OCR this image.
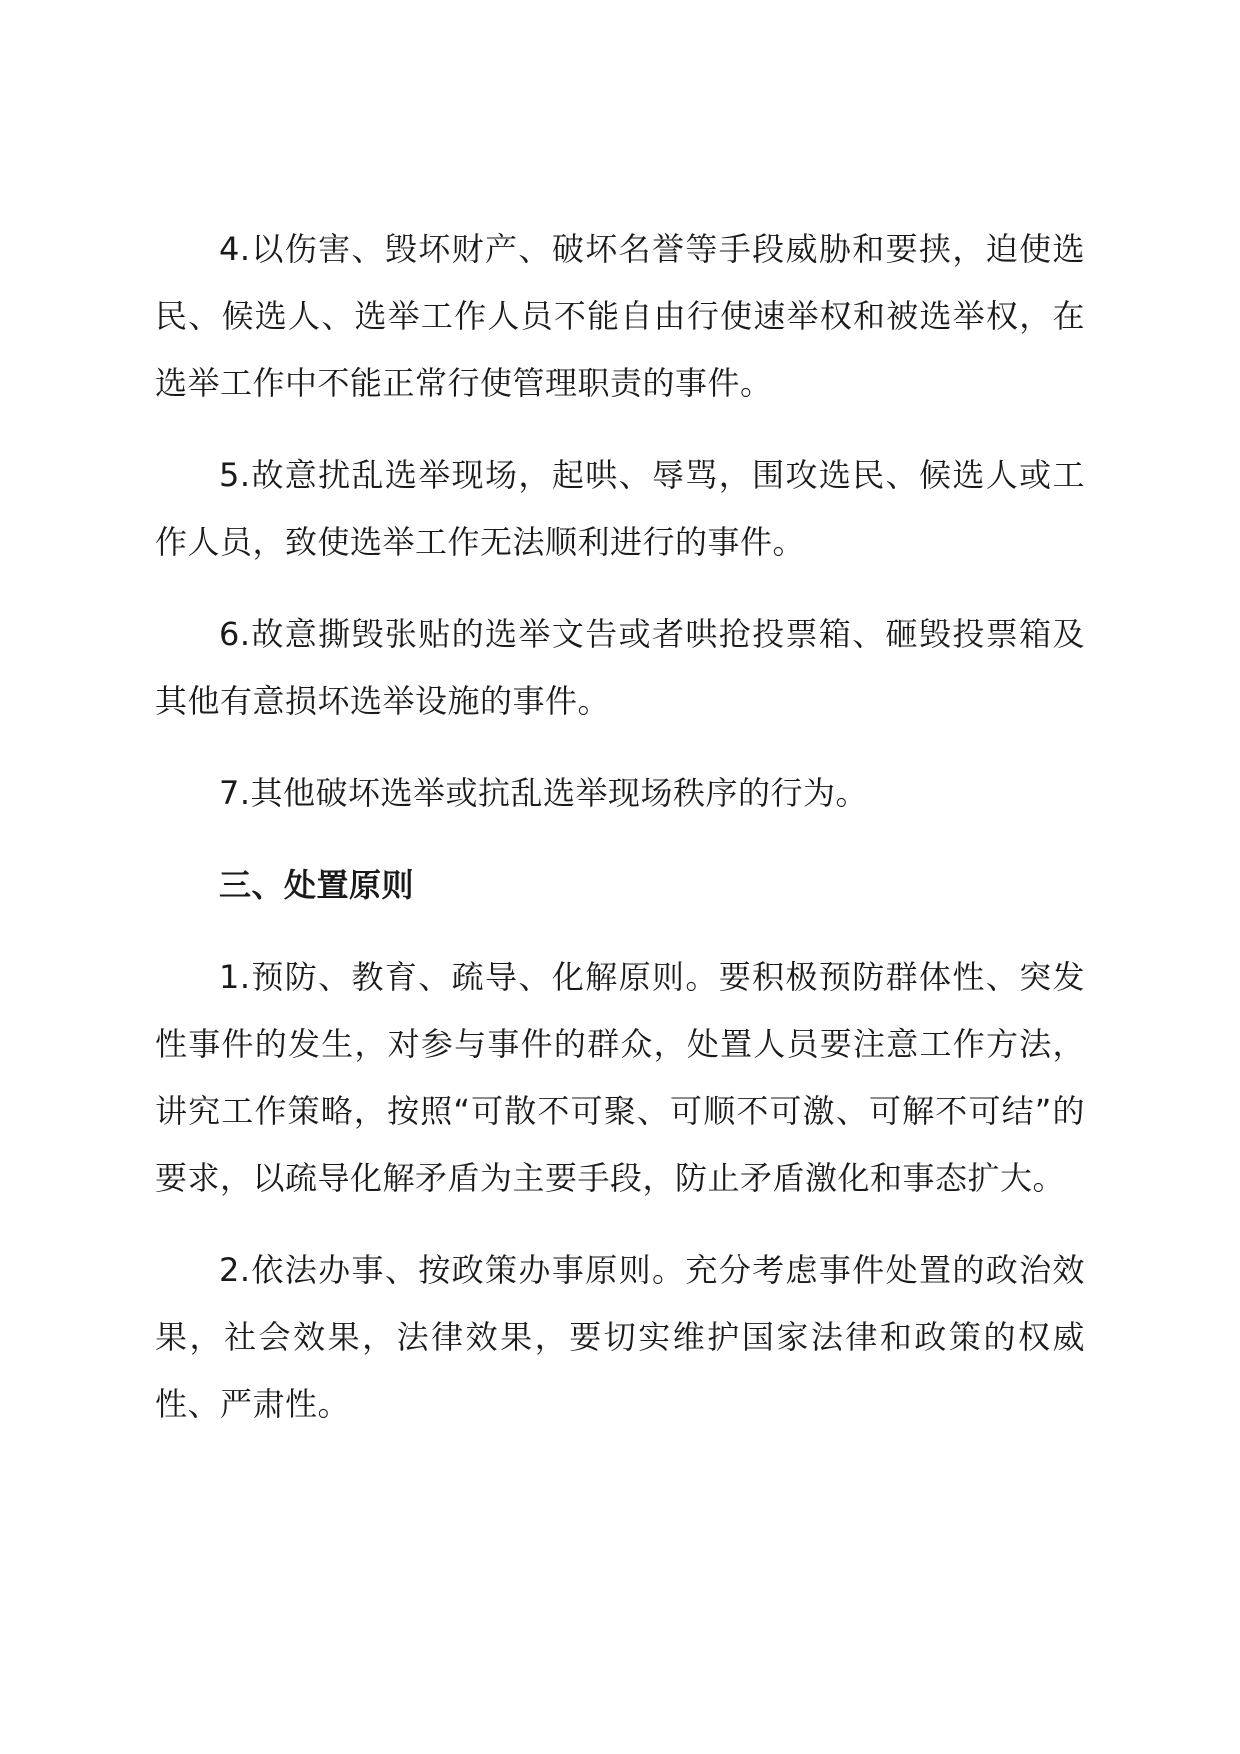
4.以伤害、毁坏财产、破坏名誉等手段威胁和要挟，迫使选民、候选人、选举工作人员不能自由行使速举权和被选举权，在选举工作中不能正常行使管理职责的事件。

5.故意扰乱选举现场，起哄、辱骂，围攻选民、候选人或工作人员，致使选举工作无法顺利进行的事件。

6.故意撕毁张贴的选举文告或者哄抢投票箱、砸毁投票箱及其他有意损坏选举设施的事件。

7.其他破坏选举或抗乱选举现场秩序的行为。

三、处置原则

1.预防、教育、疏导、化解原则。要积极预防群体性、突发性事件的发生，对参与事件的群众，处置人员要注意工作方法，讲究工作策略，按照“可散不可聚、可顺不可激、可解不可结”的要求，以疏导化解矛盾为主要手段，防止矛盾激化和事态扩大。

2.依法办事、按政策办事原则。充分考虑事件处置的政治效果，社会效果，法律效果，要切实维护国家法律和政策的权威性、严肃性。
